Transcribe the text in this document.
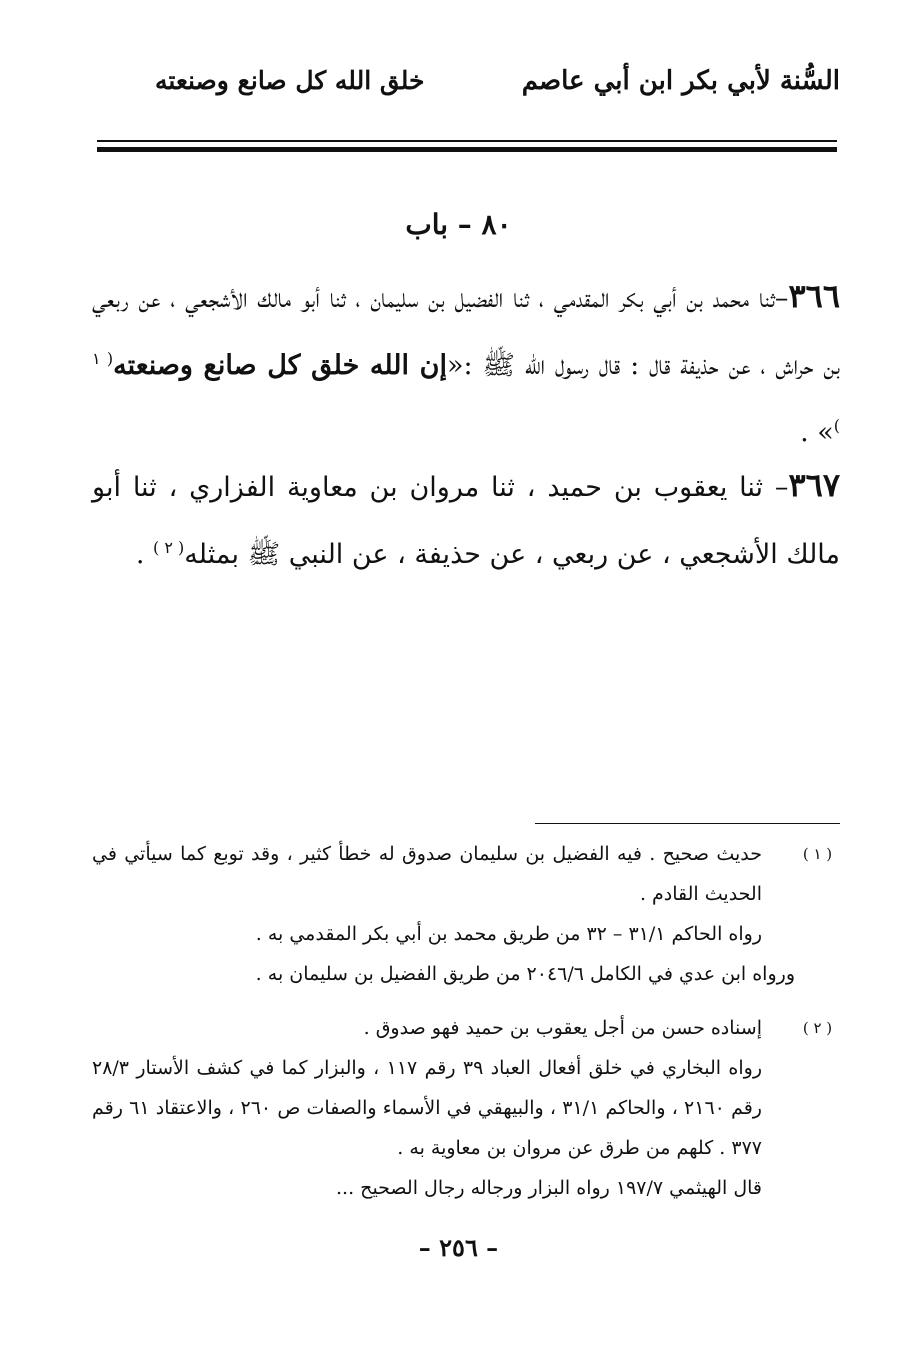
السُّنة لأبي بكر ابن أبي عاصم
خلق الله كل صانع وصنعته
٨٠ – باب
٣٦٦–ثنا محمد بن أبي بكر المقدمي ، ثنا الفضيل بن سليمان ، ثنا أبو مالك الأشجعي ، عن ربعي بن حراش ، عن حذيفة قال : قال رسول الله ﷺ :«إن الله خلق كل صانع وصنعته$^{( ١ )}$» .
٣٦٧– ثنا يعقوب بن حميد ، ثنا مروان بن معاوية الفزاري ، ثنا أبو مالك الأشجعي ، عن ربعي ، عن حذيفة ، عن النبي ﷺ بمثله$^{( ٢ )}$ .
( ١ )
حديث صحيح . فيه الفضيل بن سليمان صدوق له خطأ كثير ، وقد توبع كما سيأتي في الحديث القادم .
رواه الحاكم ٣١/١ – ٣٢ من طريق محمد بن أبي بكر المقدمي به .
ورواه ابن عدي في الكامل ٢٠٤٦/٦ من طريق الفضيل بن سليمان به .
( ٢ )
إسناده حسن من أجل يعقوب بن حميد فهو صدوق .
رواه البخاري في خلق أفعال العباد ٣٩ رقم ١١٧ ، والبزار كما في كشف الأستار ٢٨/٣ رقم ٢١٦٠ ، والحاكم ٣١/١ ، والبيهقي في الأسماء والصفات ص ٢٦٠ ، والاعتقاد ٦١ رقم ٣٧٧ . كلهم من طرق عن مروان بن معاوية به .
قال الهيثمي ١٩٧/٧ رواه البزار ورجاله رجال الصحيح ...
– ٢٥٦ –
